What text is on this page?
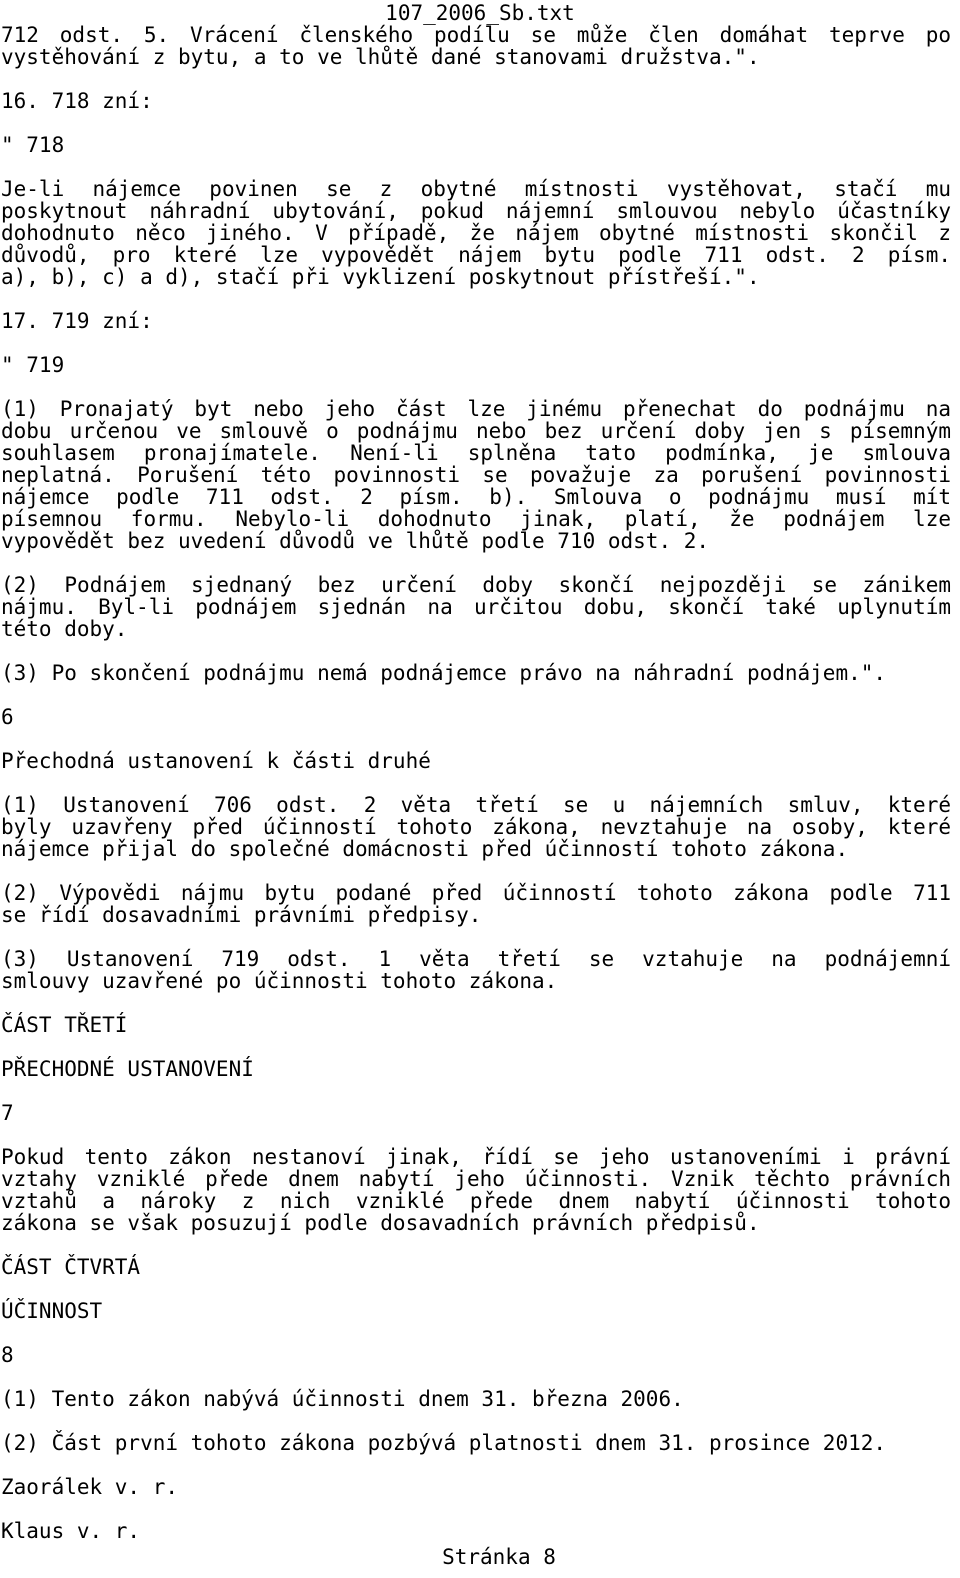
107_2006_Sb.txt
712 odst. 5. Vrácení členského podílu se může člen domáhat teprve po
vystěhování z bytu, a to ve lhůtě dané stanovami družstva.".
16. 718 zní:
" 718
Je-li nájemce povinen se z obytné místnosti vystěhovat, stačí mu
poskytnout náhradní ubytování, pokud nájemní smlouvou nebylo účastníky
dohodnuto něco jiného. V případě, že nájem obytné místnosti skončil z
důvodů, pro které lze vypovědět nájem bytu podle 711 odst. 2 písm.
a), b), c) a d), stačí při vyklizení poskytnout přístřeší.".
17. 719 zní:
" 719
(1) Pronajatý byt nebo jeho část lze jinému přenechat do podnájmu na
dobu určenou ve smlouvě o podnájmu nebo bez určení doby jen s písemným
souhlasem pronajímatele. Není-li splněna tato podmínka, je smlouva
neplatná. Porušení této povinnosti se považuje za porušení povinnosti
nájemce podle 711 odst. 2 písm. b). Smlouva o podnájmu musí mít
písemnou formu. Nebylo-li dohodnuto jinak, platí, že podnájem lze
vypovědět bez uvedení důvodů ve lhůtě podle 710 odst. 2.
(2) Podnájem sjednaný bez určení doby skončí nejpozději se zánikem
nájmu. Byl-li podnájem sjednán na určitou dobu, skončí také uplynutím
této doby.
(3) Po skončení podnájmu nemá podnájemce právo na náhradní podnájem.".
6
Přechodná ustanovení k části druhé
(1) Ustanovení 706 odst. 2 věta třetí se u nájemních smluv, které
byly uzavřeny před účinností tohoto zákona, nevztahuje na osoby, které
nájemce přijal do společné domácnosti před účinností tohoto zákona.
(2) Výpovědi nájmu bytu podané před účinností tohoto zákona podle 711
se řídí dosavadními právními předpisy.
(3) Ustanovení 719 odst. 1 věta třetí se vztahuje na podnájemní
smlouvy uzavřené po účinnosti tohoto zákona.
ČÁST TŘETÍ
PŘECHODNÉ USTANOVENÍ
7
Pokud tento zákon nestanoví jinak, řídí se jeho ustanoveními i právní
vztahy vzniklé přede dnem nabytí jeho účinnosti. Vznik těchto právních
vztahů a nároky z nich vzniklé přede dnem nabytí účinnosti tohoto
zákona se však posuzují podle dosavadních právních předpisů.
ČÁST ČTVRTÁ
ÚČINNOST
8
(1) Tento zákon nabývá účinnosti dnem 31. března 2006.
(2) Část první tohoto zákona pozbývá platnosti dnem 31. prosince 2012.
Zaorálek v. r.
Klaus v. r.
Stránka 8
